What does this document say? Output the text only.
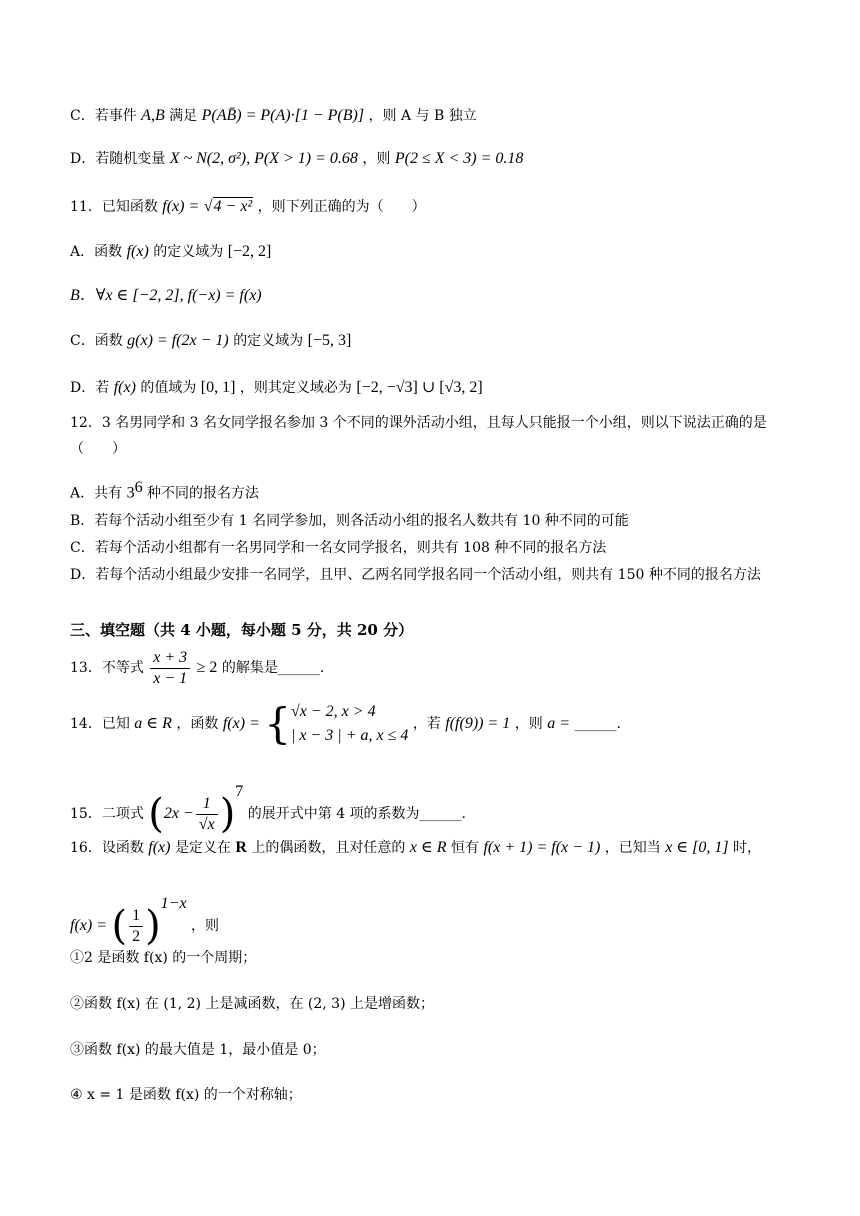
C．若事件 A,B 满足 P(AB̄) = P(A)·[1 − P(B)] ，则 A 与 B 独立
D．若随机变量 X ~ N(2, σ²), P(X > 1) = 0.68 ，则 P(2 ≤ X < 3) = 0.18
11．已知函数 f(x) = √4 − x² ，则下列正确的为（　　）
A．函数 f(x) 的定义域为 [−2, 2]
B．∀x ∈ [−2, 2], f(−x) = f(x)
C．函数 g(x) = f(2x − 1) 的定义域为 [−5, 3]
D．若 f(x) 的值域为 [0, 1] ，则其定义域必为 [−2, −√3] ∪ [√3, 2]
12．3 名男同学和 3 名女同学报名参加 3 个不同的课外活动小组，且每人只能报一个小组，则以下说法正确的是（　　）
A．共有 $3^6$ 种不同的报名方法
B．若每个活动小组至少有 1 名同学参加，则各活动小组的报名人数共有 10 种不同的可能
C．若每个活动小组都有一名男同学和一名女同学报名，则共有 108 种不同的报名方法
D．若每个活动小组最少安排一名同学，且甲、乙两名同学报名同一个活动小组，则共有 150 种不同的报名方法
三、填空题（共 4 小题，每小题 5 分，共 20 分）
13．不等式 $\frac{x + 3}{x - 1} \ge 2$ 的解集是______.
14．已知 a ∈ R ，函数 f(x) = { √x − 2, x > 4
| x − 3 | + a, x ≤ 4
，若 f(f(9)) = 1 ，则 a = ______.
15．二项式 $(2x - \frac{1}{√x} )^7$ 的展开式中第 4 项的系数为______.
16．设函数 f(x) 是定义在 R 上的偶函数，且对任意的 x ∈ R 恒有 f(x + 1) = f(x − 1) ，已知当 x ∈ [0, 1] 时，
f(x) = ( $\frac{1}{2} )^{1-x}$ ，则
①2 是函数 f(x) 的一个周期；
②函数 f(x) 在 (1, 2) 上是减函数，在 (2, 3) 上是增函数；
③函数 f(x) 的最大值是 1，最小值是 0；
④ x = 1 是函数 f(x) 的一个对称轴；
